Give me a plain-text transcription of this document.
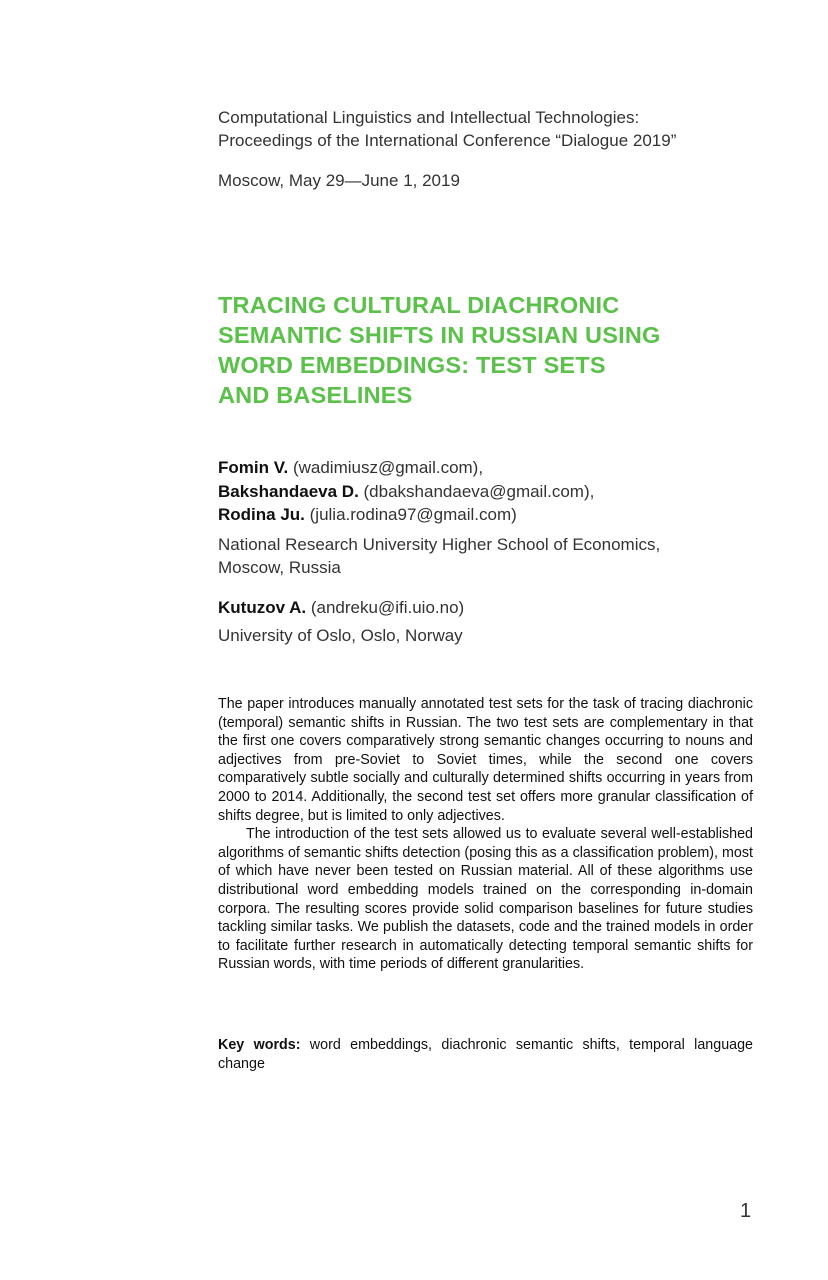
Computational Linguistics and Intellectual Technologies:
Proceedings of the International Conference “Dialogue 2019”
Moscow, May 29—June 1, 2019
TRACING CULTURAL DIACHRONIC
SEMANTIC SHIFTS IN RUSSIAN USING
WORD EMBEDDINGS: TEST SETS
AND BASELINES
Fomin V. (wadimiusz@gmail.com),
Bakshandaeva D. (dbakshandaeva@gmail.com),
Rodina Ju. (julia.rodina97@gmail.com)
National Research University Higher School of Economics,
Moscow, Russia
Kutuzov A. (andreku@ifi.uio.no)
University of Oslo, Oslo, Norway

The paper introduces manually annotated test sets for the task of tracing diachronic (temporal) semantic shifts in Russian. The two test sets are complementary in that the first one covers comparatively strong semantic changes occurring to nouns and adjectives from pre-Soviet to Soviet times, while the second one covers comparatively subtle socially and culturally determined shifts occurring in years from 2000 to 2014. Additionally, the second test set offers more granular classification of shifts degree, but is limited to only adjectives.

The introduction of the test sets allowed us to evaluate several well-established algorithms of semantic shifts detection (posing this as a classification problem), most of which have never been tested on Russian material. All of these algorithms use distributional word embedding models trained on the corresponding in-domain corpora. The resulting scores provide solid comparison baselines for future studies tackling similar tasks. We publish the datasets, code and the trained models in order to facilitate further research in automatically detecting temporal semantic shifts for Russian words, with time periods of different granularities.

Key words: word embeddings, diachronic semantic shifts, temporal language change
1
